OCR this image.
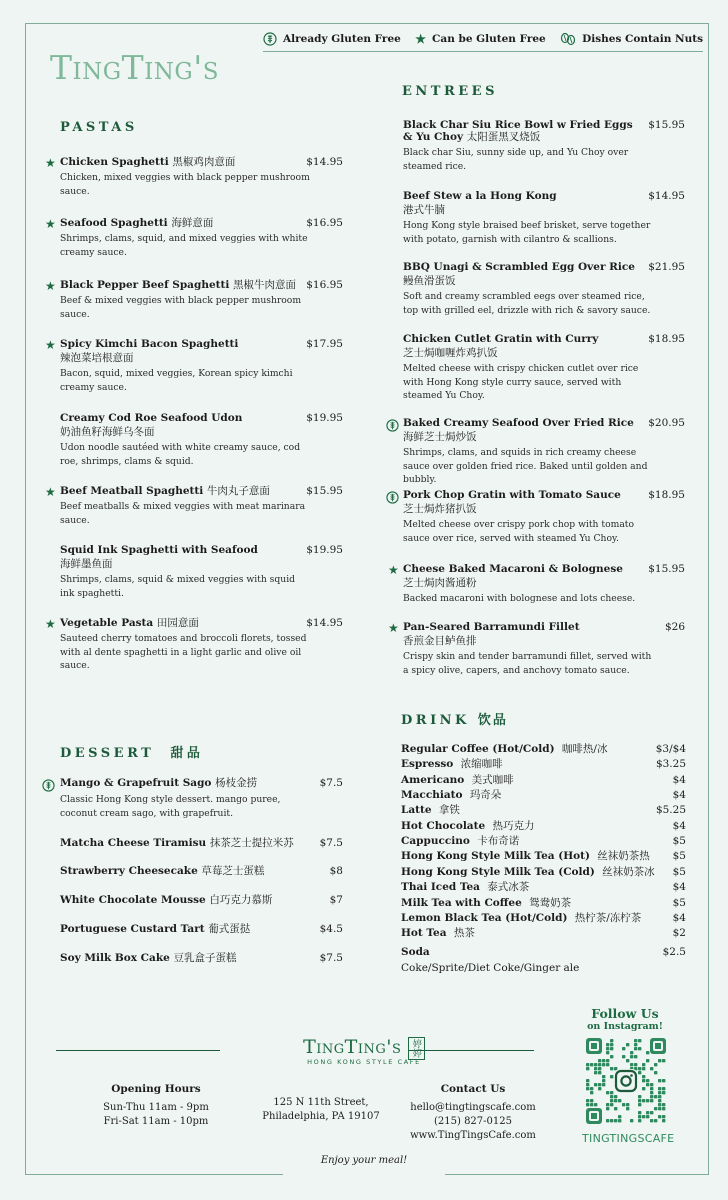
Already Gluten Free ★ Can be Gluten Free	Dishes Contain Nuts
TingTing's
PASTAS
★ Chicken Spaghetti 黑椒鸡肉意面	$14.95
Chicken, mixed veggies with black pepper mushroom sauce.
★ Seafood Spaghetti 海鲜意面	$16.95
Shrimps, clams, squid, and mixed veggies with white creamy sauce.
★ Black Pepper Beef Spaghetti 黑椒牛肉意面 $16.95
Beef & mixed veggies with black pepper mushroom sauce.
★ Spicy Kimchi Bacon Spaghetti
辣泡菜培根意面
$17.95
Bacon, squid, mixed veggies, Korean spicy kimchi creamy sauce.
Creamy Cod Roe Seafood Udon
奶油鱼籽海鲜乌冬面
$19.95
Udon noodle sautéed with white creamy sauce, cod roe, shrimps, clams & squid.
★ Beef Meatball Spaghetti 牛肉丸子意面	$15.95
Beef meatballs & mixed veggies with meat marinara sauce.
Squid Ink Spaghetti with Seafood
海鲜墨鱼面
$19.95
Shrimps, clams, squid & mixed veggies with squid ink spaghetti.
★ Vegetable Pasta 田园意面	$14.95
Sauteed cherry tomatoes and broccoli florets, tossed with al dente spaghetti in a light garlic and olive oil sauce.
ENTREES
Black Char Siu Rice Bowl w Fried Eggs
& Yu Choy 太阳蛋黑叉烧饭
$15.95
Black char Siu, sunny side up, and Yu Choy over steamed rice.
Beef Stew a la Hong Kong
港式牛腩
$14.95
Hong Kong style braised beef brisket, serve together with potato, garnish with cilantro & scallions.
BBQ Unagi & Scrambled Egg Over Rice
鳗鱼滑蛋饭
$21.95
Soft and creamy scrambled eegs over steamed rice, top with grilled eel, drizzle with rich & savory sauce.
Chicken Cutlet Gratin with Curry
芝士焗咖喱炸鸡扒饭
$18.95
Melted cheese with crispy chicken cutlet over rice with Hong Kong style curry sauce, served with steamed Yu Choy.
Baked Creamy Seafood Over Fried Rice
海鲜芝士焗炒饭
$20.95
Shrimps, clams, and squids in rich creamy cheese sauce over golden fried rice. Baked until golden and bubbly.
Pork Chop Gratin with Tomato Sauce
芝士焗炸猪扒饭
$18.95
Melted cheese over crispy pork chop with tomato sauce over rice, served with steamed Yu Choy.
★ Cheese Baked Macaroni & Bolognese
芝士焗肉酱通粉
$15.95
Backed macaroni with bolognese and lots cheese.
★ Pan-Seared Barramundi Fillet
香煎金目鲈鱼排
$26
Crispy skin and tender barramundi fillet, served with a spicy olive, capers, and anchovy tomato sauce.
DESSERT 甜品
Mango & Grapefruit Sago 杨枝金捞	$7.5
Classic Hong Kong style dessert. mango puree, coconut cream sago, with grapefruit.
Matcha Cheese Tiramisu 抹茶芝士提拉米苏	$7.5
Strawberry Cheesecake 草莓芝士蛋糕	$8
White Chocolate Mousse 白巧克力慕斯	$7
Portuguese Custard Tart 葡式蛋挞	$4.5
Soy Milk Box Cake 豆乳盒子蛋糕	$7.5
DRINK 饮品
Regular Coffee (Hot/Cold) 咖啡热/冰	$3/$4
Espresso 浓缩咖啡	$3.25
Americano 美式咖啡	$4
Macchiato 玛奇朵	$4
Latte 拿铁	$5.25
Hot Chocolate 热巧克力	$4
Cappuccino 卡布奇诺	$5
Hong Kong Style Milk Tea (Hot) 丝袜奶茶热 $5
Hong Kong Style Milk Tea (Cold) 丝袜奶茶冰 $5
Thai Iced Tea 泰式冰茶	$4
Milk Tea with Coffee 鸳鸯奶茶	$5
Lemon Black Tea (Hot/Cold) 热柠茶/冻柠茶	$4
Hot Tea 热茶	$2
Soda	$2.5
Coke/Sprite/Diet Coke/Ginger ale
TingTing's 婷婷
HONG KONG STYLE CAFE
Opening Hours
Sun-Thu 11am - 9pm
Fri-Sat 11am - 10pm
125 N 11th Street,
Philadelphia, PA 19107
Contact Us
hello@tingtingscafe.com
(215) 827-0125
www.TingTingsCafe.com
Follow Us
on Instagram!
TINGTINGSCAFE
Enjoy your meal!
